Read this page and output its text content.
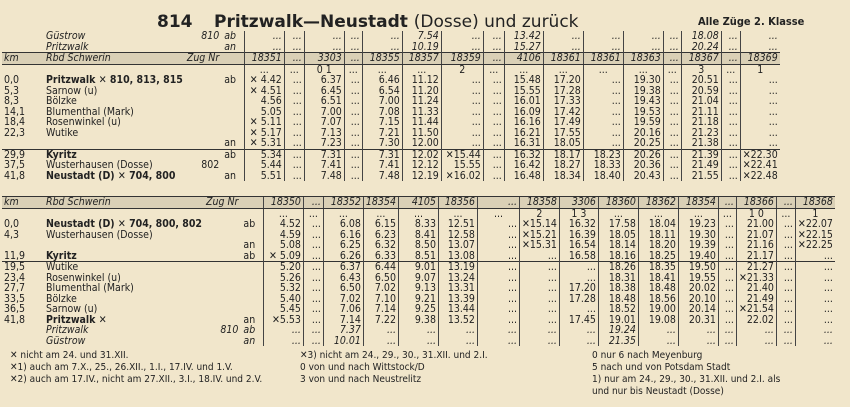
814 Pritzwalk—Neustadt (Dosse) und zurück	Alle Züge 2. Klasse
	Güstrow	810	ab	...	...	...	...	...	7.54	...	...	13.42	...	...	...	...	18.08	...	...
	Pritzwalk		an	...	...	...	...	...	10.19	...	...	15.27	...	...	...	...	20.24	...	...
km	Rbd Schwerin	Zug Nr		18351	...	3303	...	18355	18357	18359	...	4106	18361	18361	18363	...	18367	...	18369
				...	...	0 1	...	...	...	2	...	...	...	...	...	...	3	...	1
0,0	Pritzwalk ✕ 810, 813, 815		ab	✕ 4.42	...	6.37	...	6.46	11.12	...	...	15.48	17.20	...	19.30	...	20.51	...	...
5,3	Sarnow (u)			✕ 4.51	...	6.45	...	6.54	11.20	...	...	15.55	17.28	...	19.38	...	20.59	...	...
8,3	Bölzke			4.56	...	6.51	...	7.00	11.24	...	...	16.01	17.33	...	19.43	...	21.04	...	...
14,1	Blumenthal (Mark)			5.05	...	7.00	...	7.08	11.33	...	...	16.09	17.42	...	19.53	...	21.11	...	...
18,4	Rosenwinkel (u)			✕ 5.11	...	7.07	...	7.15	11.44	...	...	16.16	17.49	...	19.59	...	21.18	...	...
22,3	Wutike			✕ 5.17	...	7.13	...	7.21	11.50	...	...	16.21	17.55	...	20.16	...	21.23	...	...
			an	✕ 5.31	...	7.23	...	7.30	12.00	...	...	16.31	18.05	...	20.25	...	21.38	...	...
29,9	Kyritz		ab	5.34	...	7.31	...	7.31	12.02	✕15.44	...	16.32	18.17	18.23	20.26	...	21.39	...	✕22.30
37,5	Wusterhausen (Dosse)	802		5.44	...	7.41	...	7.41	12.12	15.55	...	16.42	18.27	18.33	20.36	...	21.49	...	✕22.41
41,8	Neustadt (D) ✕ 704, 800		an	5.51	...	7.48	...	7.48	12.19	✕16.02	...	16.48	18.34	18.40	20.43	...	21.55	...	✕22.48
km	Rbd Schwerin	Zug Nr		18350	...	18352	18354	4105	18356	...	18358	3306	18360	18362	18354	...	18366	...	18368
				...	...	...	...	...	...	...	2	1 3	...	...	...	...	1 0	...	1
0,0	Neustadt (D) ✕ 704, 800, 802		ab	4.52	...	6.08	6.15	8.33	12.51	...	✕15.14	16.32	17.58	18.04	19.23	...	21.00	...	✕22.07
4,3	Wusterhausen (Dosse)			4.59	...	6.16	6.23	8.41	12.58	...	✕15.21	16.39	18.05	18.11	19.30	...	21.07	...	✕22.15
			an	5.08	...	6.25	6.32	8.50	13.07	...	✕15.31	16.54	18.14	18.20	19.39	...	21.16	...	✕22.25
11,9	Kyritz		ab	✕ 5.09	...	6.26	6.33	8.51	13.08	...	...	16.58	18.16	18.25	19.40	...	21.17	...	...
19,5	Wutike			5.20	...	6.37	6.44	9.01	13.19	...	...	...	18.26	18.35	19.50	...	21.27	...	...
23,4	Rosenwinkel (u)			5.26	...	6.43	6.50	9.07	13.24	...	...	...	18.31	18.41	19.55	...	✕21.33	...	...
27,7	Blumenthal (Mark)			5.32	...	6.50	7.02	9.13	13.31	...	...	17.20	18.38	18.48	20.02	...	21.40	...	...
33,5	Bölzke			5.40	...	7.02	7.10	9.21	13.39	...	...	17.28	18.48	18.56	20.10	...	21.49	...	...
36,5	Sarnow (u)			5.45	...	7.06	7.14	9.25	13.44	...	...	...	18.52	19.00	20.14	...	✕21.54	...	...
41,8	Pritzwalk ✕		an	✕5.53	...	7.14	7.22	9.38	13.52	...	...	17.45	19.01	19.08	20.31	...	22.02	...	...
	Pritzwalk	810	ab	...	...	7.37	...	...	...	...	...	...	19.24	...	...	...	...	...	...
	Güstrow		an	...	...	10.01	...	...	...	...	...	...	21.35	...	...	...	...	...	...
✕ nicht am 24. und 31.XII.
✕1) auch am 7.X., 25., 26.XII., 1.I., 17.IV. und 1.V.
✕2) auch am 17.IV., nicht am 27.XII., 3.I., 18.IV. und 2.V.
✕3) nicht am 24., 29., 30., 31.XII. und 2.I.
0 von und nach Wittstock/D
3 von und nach Neustrelitz
0 nur 6 nach Meyenburg
5 nach und von Potsdam Stadt
1) nur am 24., 29., 30., 31.XII. und 2.I. als
und nur bis Neustadt (Dosse)
